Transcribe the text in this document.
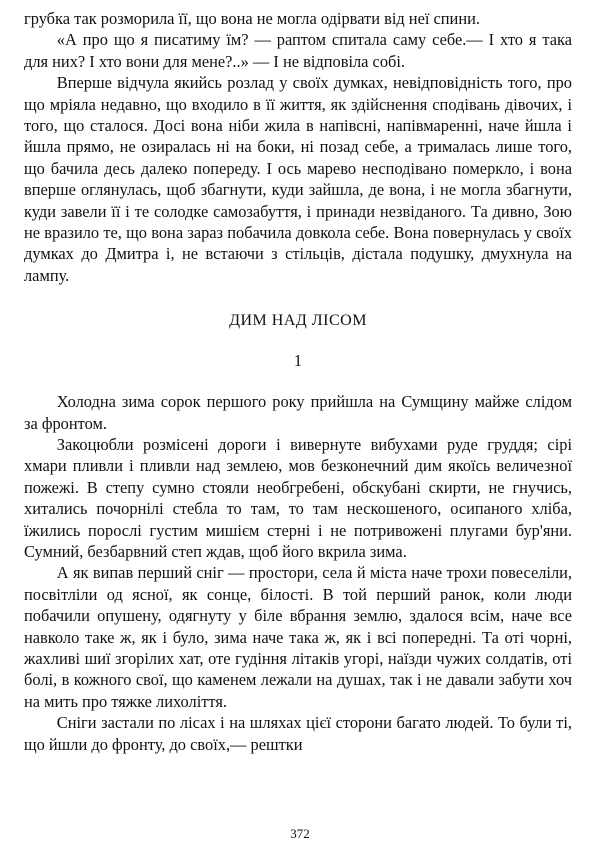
грубка так розморила її, що вона не могла одірвати від неї спини.

«А про що я писатиму їм? — раптом спитала саму себе.— І хто я така для них? І хто вони для мене?..» — І не відповіла собі.

Вперше відчула якийсь розлад у своїх думках, невідповідність того, про що мріяла недавно, що входило в її життя, як здійснення сподівань дівочих, і того, що сталося. Досі вона ніби жила в напівсні, напівмаренні, наче йшла і йшла прямо, не озиралась ні на боки, ні позад себе, а трималась лише того, що бачила десь далеко попереду. І ось марево несподівано померкло, і вона вперше оглянулась, щоб збагнути, куди зайшла, де вона, і не могла збагнути, куди завели її і те солодке самозабуття, і принади незвіданого. Та дивно, Зою не вразило те, що вона зараз побачила довкола себе. Вона повернулась у своїх думках до Дмитра і, не встаючи з стільців, дістала подушку, дмухнула на лампу.

ДИМ НАД ЛІСОМ

1

Холодна зима сорок першого року прийшла на Сумщину майже слідом за фронтом.

Закоцюбли розмісені дороги і вивернуте вибухами руде груддя; сірі хмари пливли і пливли над землею, мов безконечний дим якоїсь величезної пожежі. В степу сумно стояли необгребені, обскубані скирти, не гнучись, хитались почорнілі стебла то там, то там нескошеного, осипаного хліба, їжились порослі густим мишієм стерні і не потривожені плугами бур'яни. Сумний, безбарвний степ ждав, щоб його вкрила зима.

А як випав перший сніг — простори, села й міста наче трохи повеселіли, посвітліли од ясної, як сонце, білості. В той перший ранок, коли люди побачили опушену, одягнуту у біле вбрання землю, здалося всім, наче все навколо таке ж, як і було, зима наче така ж, як і всі попередні. Та оті чорні, жахливі шиї згорілих хат, оте гудіння літаків угорі, наїзди чужих солдатів, оті болі, в кожного свої, що каменем лежали на душах, так і не давали забути хоч на мить про тяжке лихоліття.

Сніги застали по лісах і на шляхах цієї сторони багато людей. То були ті, що йшли до фронту, до своїх,— рештки

372
